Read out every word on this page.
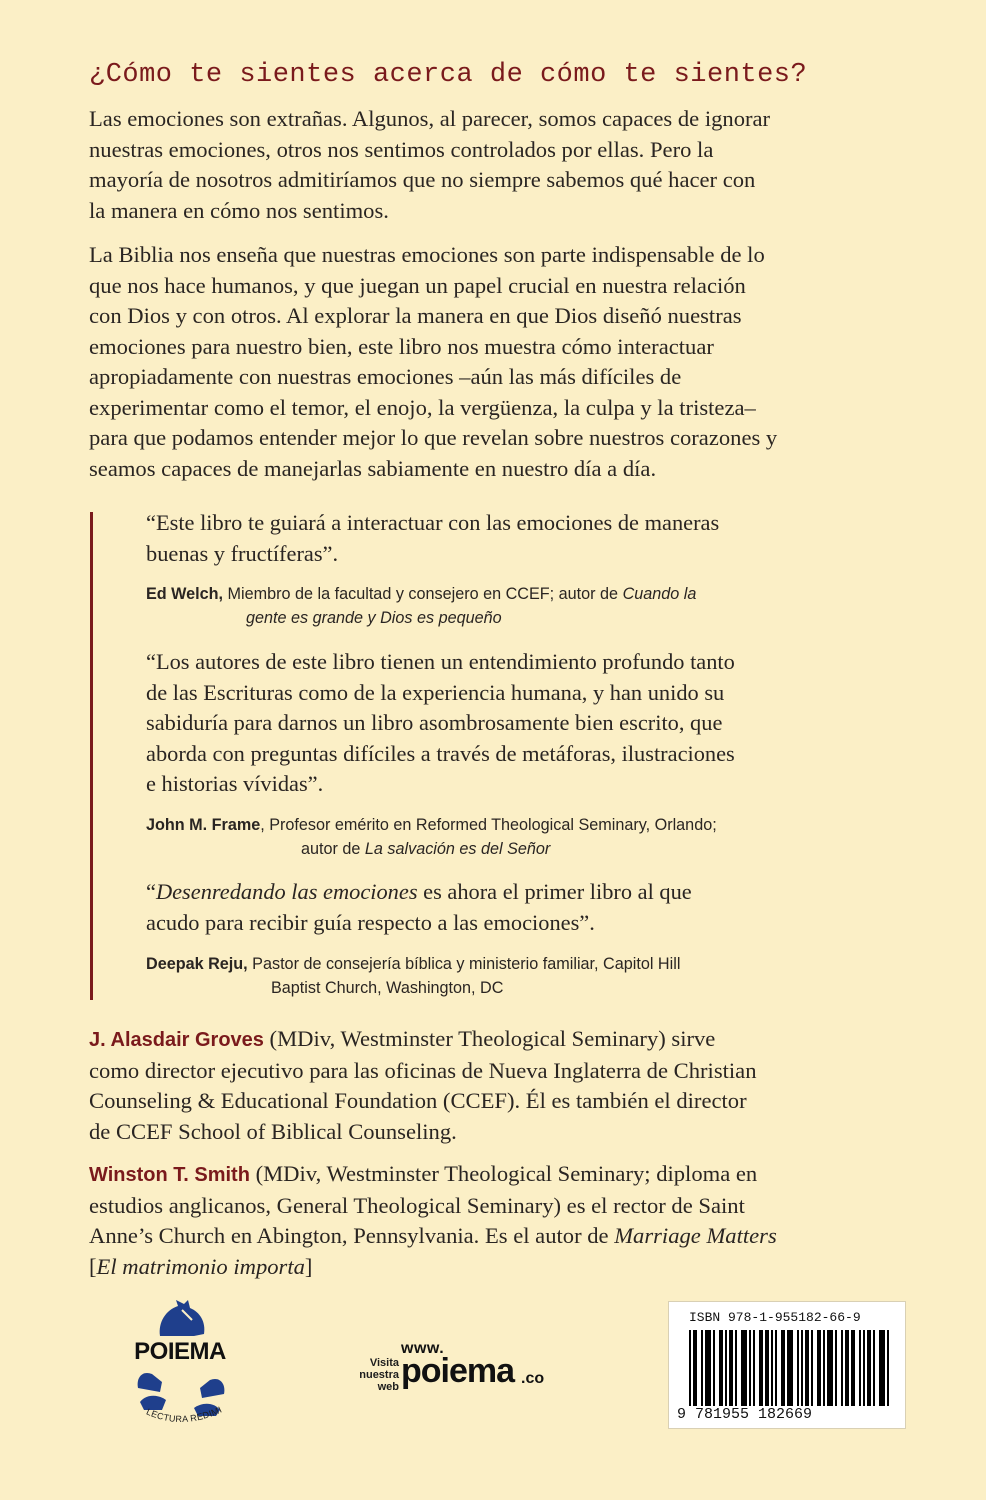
¿Cómo te sientes acerca de cómo te sientes?

Las emociones son extrañas. Algunos, al parecer, somos capaces de ignorar
nuestras emociones, otros nos sentimos controlados por ellas. Pero la
mayoría de nosotros admitiríamos que no siempre sabemos qué hacer con
la manera en cómo nos sentimos.

La Biblia nos enseña que nuestras emociones son parte indispensable de lo
que nos hace humanos, y que juegan un papel crucial en nuestra relación
con Dios y con otros. Al explorar la manera en que Dios diseñó nuestras
emociones para nuestro bien, este libro nos muestra cómo interactuar
apropiadamente con nuestras emociones –aún las más difíciles de
experimentar como el temor, el enojo, la vergüenza, la culpa y la tristeza–
para que podamos entender mejor lo que revelan sobre nuestros corazones y
seamos capaces de manejarlas sabiamente en nuestro día a día.

“Este libro te guiará a interactuar con las emociones de maneras
buenas y fructíferas”.

Ed Welch, Miembro de la facultad y consejero en CCEF; autor de Cuando la
gente es grande y Dios es pequeño

“Los autores de este libro tienen un entendimiento profundo tanto
de las Escrituras como de la experiencia humana, y han unido su
sabiduría para darnos un libro asombrosamente bien escrito, que
aborda con preguntas difíciles a través de metáforas, ilustraciones
e historias vívidas”.

John M. Frame, Profesor emérito en Reformed Theological Seminary, Orlando;
autor de La salvación es del Señor

“Desenredando las emociones es ahora el primer libro al que
acudo para recibir guía respecto a las emociones”.

Deepak Reju, Pastor de consejería bíblica y ministerio familiar, Capitol Hill
Baptist Church, Washington, DC

J. Alasdair Groves (MDiv, Westminster Theological Seminary) sirve
como director ejecutivo para las oficinas de Nueva Inglaterra de Christian
Counseling & Educational Foundation (CCEF). Él es también el director
de CCEF School of Biblical Counseling.

Winston T. Smith (MDiv, Westminster Theological Seminary; diploma en
estudios anglicanos, General Theological Seminary) es el rector de Saint
Anne’s Church en Abington, Pennsylvania. Es el autor de Marriage Matters
[El matrimonio importa]

LECTURA REDIMI
POIEMA	Visita
nuestra web
www.
poiema .co
ISBN 978-1-955182-66-9
9 781955 182669
